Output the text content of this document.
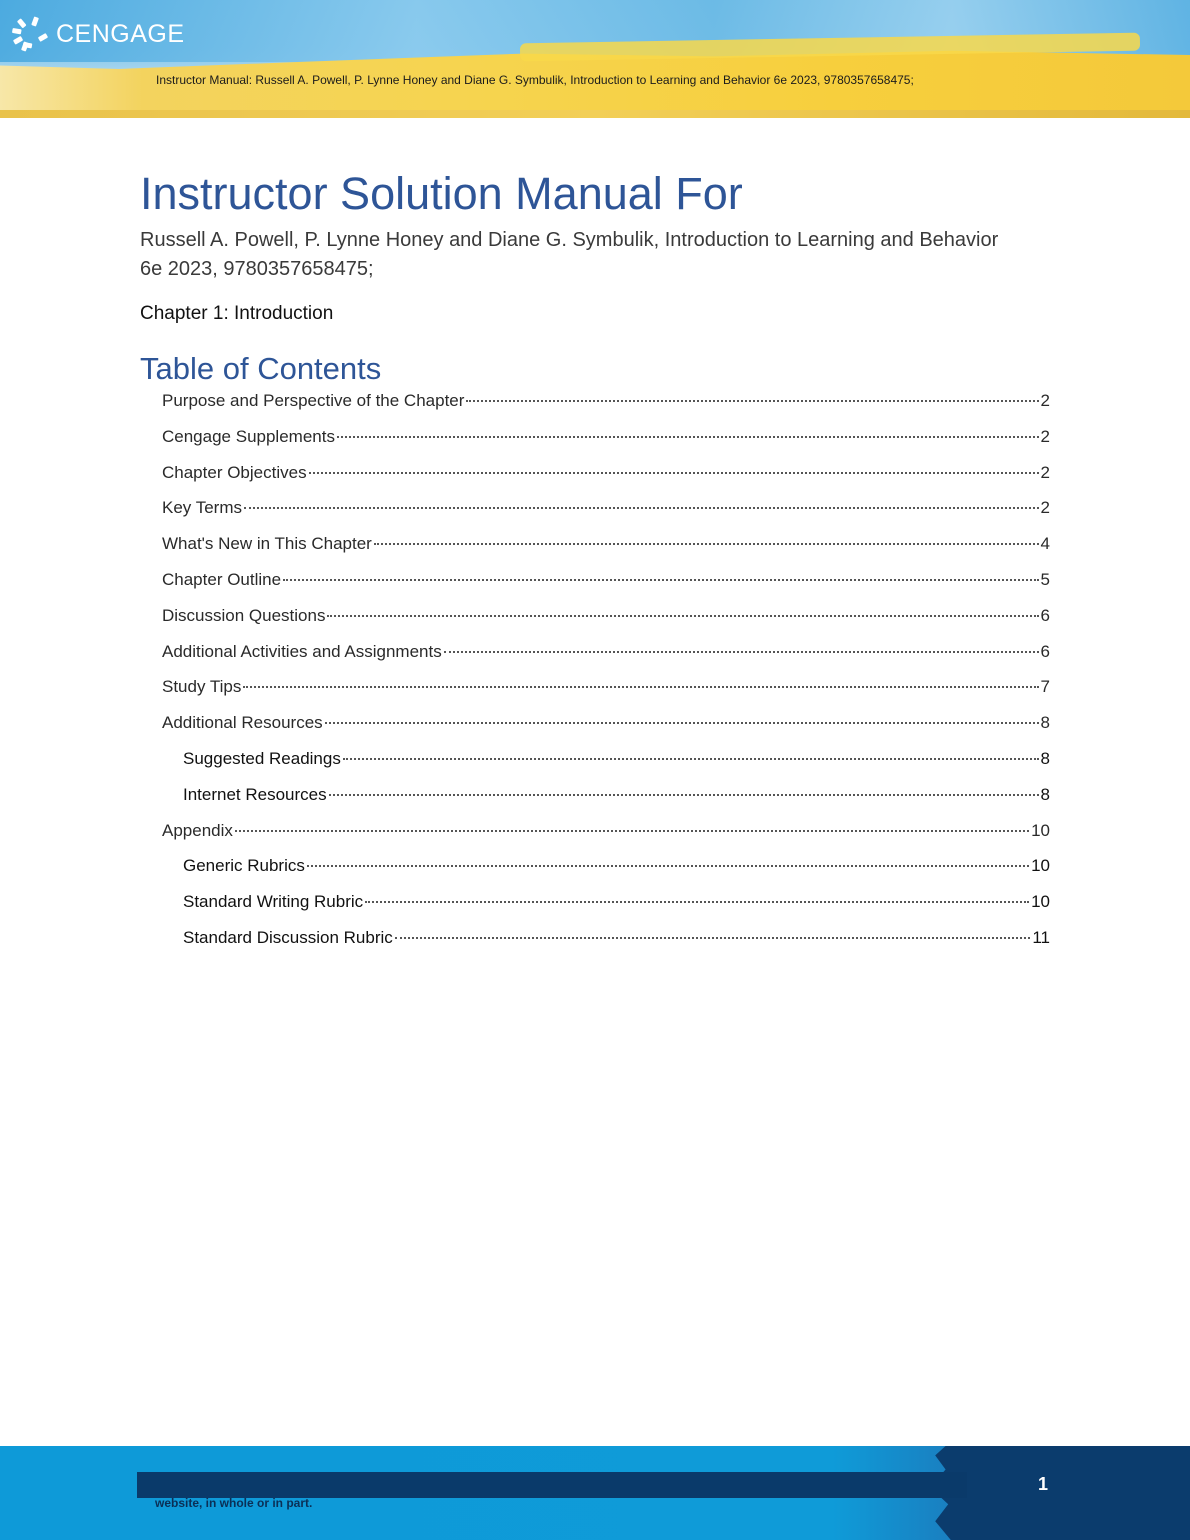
CENGAGE
Instructor Manual: Russell A. Powell, P. Lynne Honey and Diane G. Symbulik, Introduction to Learning and Behavior 6e 2023, 9780357658475;
Instructor Solution Manual For
Russell A. Powell, P. Lynne Honey and Diane G. Symbulik, Introduction to Learning and Behavior
6e 2023, 9780357658475;
Chapter 1: Introduction
Table of Contents
Purpose and Perspective of the Chapter	2
Cengage Supplements	2
Chapter Objectives	2
Key Terms	2
What's New in This Chapter	4
Chapter Outline	5
Discussion Questions	6
Additional Activities and Assignments	6
Study Tips	7
Additional Resources	8
Suggested Readings	8
Internet Resources	8
Appendix	10
Generic Rubrics	10
Standard Writing Rubric	10
Standard Discussion Rubric	11
website, in whole or in part.
1
